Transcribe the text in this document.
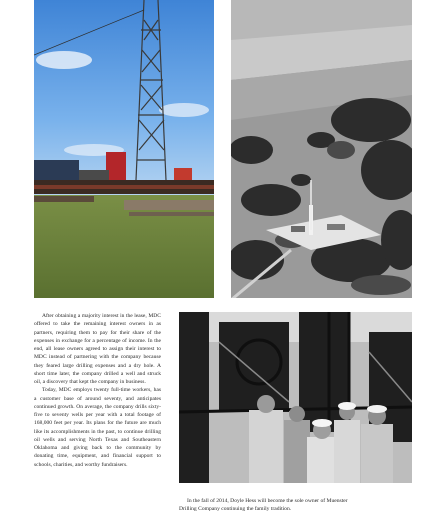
After obtaining a majority interest in the lease, MDC offered to take the remaining interest owners in as partners, requiring them to pay for their share of the expenses in exchange for a percentage of income. In the end, all lease owners agreed to assign their interest to MDC instead of partnering with the company because they feared large drilling expenses and a dry hole. A short time later, the company drilled a well and struck oil, a discovery that kept the company in business.

Today, MDC employs twenty full-time workers, has a customer base of around seventy, and anticipates continued growth. On average, the company drills sixty-five to seventy wells per year with a total footage of 168,000 feet per year. Its plans for the future are much like its accomplishments in the past, to continue drilling oil wells and serving North Texas and Southeastern Oklahoma and giving back to the community by donating time, equipment, and financial support to schools, charities, and worthy fundraisers.

In the fall of 2014, Doyle Hess will become the sole owner of Muenster Drilling Company continuing the family tradition.
